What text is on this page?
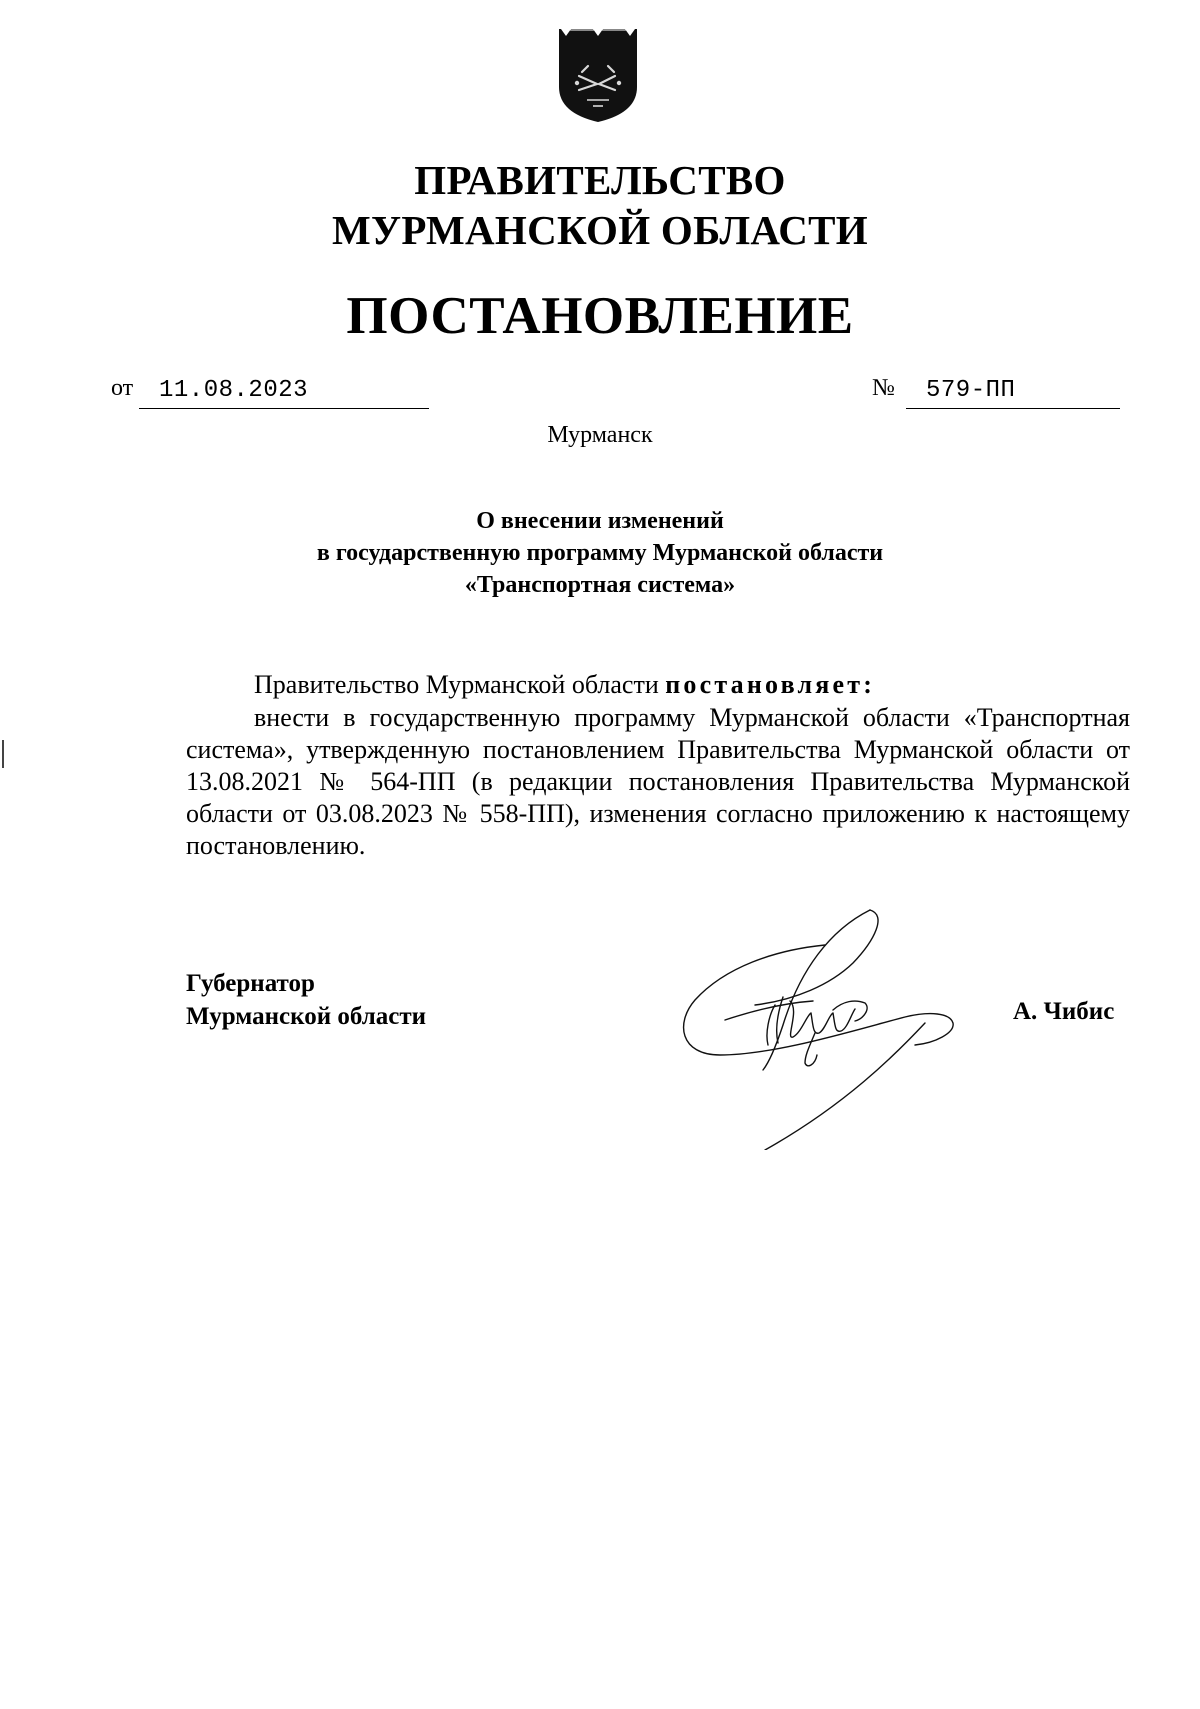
ПРАВИТЕЛЬСТВО
МУРМАНСКОЙ ОБЛАСТИ
ПОСТАНОВЛЕНИЕ
от 11.08.2023	№ 579-ПП
Мурманск
О внесении изменений
в государственную программу Мурманской области
«Транспортная система»
Правительство Мурманской области постановляет:

внести в государственную программу Мурманской области «Транспортная система», утвержденную постановлением Правительства Мурманской области от 13.08.2021 № 564-ПП (в редакции постановления Правительства Мурманской области от 03.08.2023 № 558-ПП), изменения согласно приложению к настоящему постановлению.

Губернатор
Мурманской области	А. Чибис
